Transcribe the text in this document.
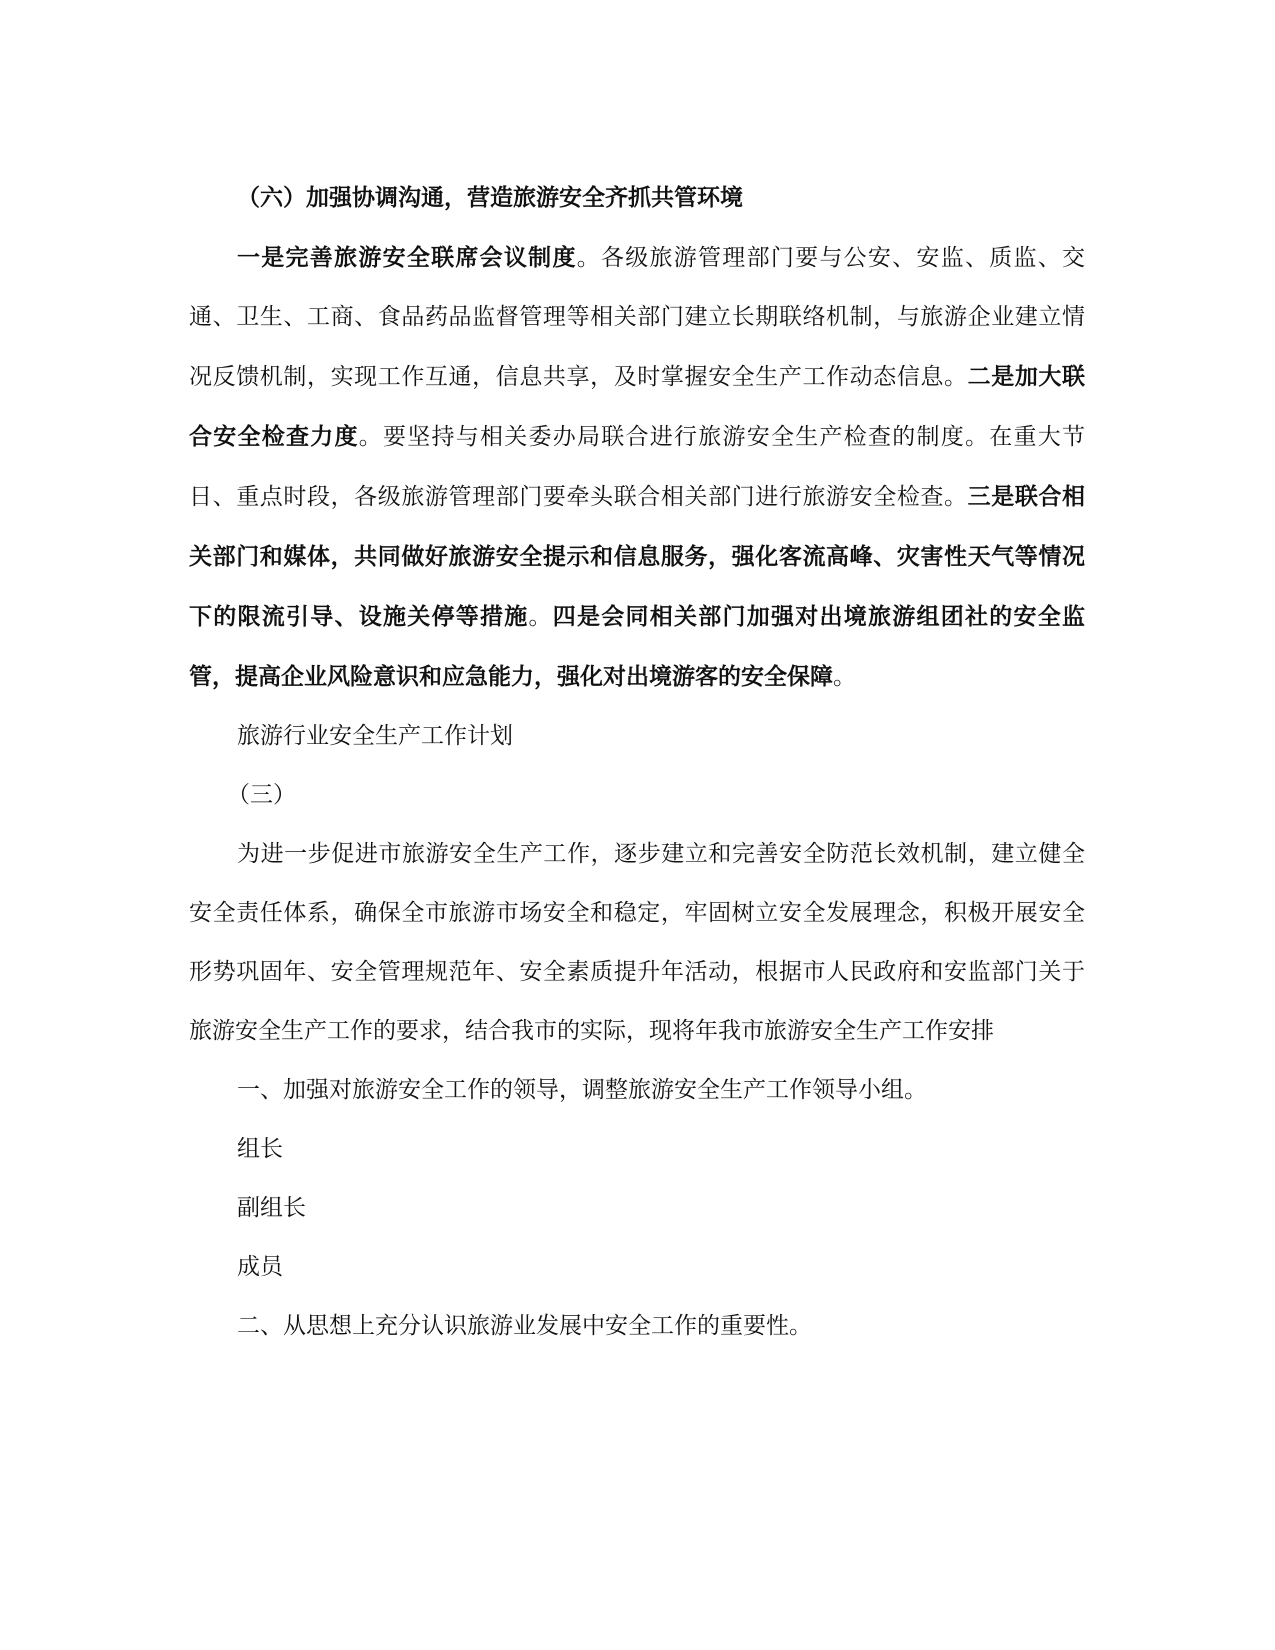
（六）加强协调沟通，营造旅游安全齐抓共管环境

一是完善旅游安全联席会议制度。各级旅游管理部门要与公安、安监、质监、交通、卫生、工商、食品药品监督管理等相关部门建立长期联络机制，与旅游企业建立情况反馈机制，实现工作互通，信息共享，及时掌握安全生产工作动态信息。二是加大联合安全检查力度。要坚持与相关委办局联合进行旅游安全生产检查的制度。在重大节日、重点时段，各级旅游管理部门要牵头联合相关部门进行旅游安全检查。三是联合相关部门和媒体，共同做好旅游安全提示和信息服务，强化客流高峰、灾害性天气等情况下的限流引导、设施关停等措施。四是会同相关部门加强对出境旅游组团社的安全监管，提高企业风险意识和应急能力，强化对出境游客的安全保障。

旅游行业安全生产工作计划

（三）

为进一步促进市旅游安全生产工作，逐步建立和完善安全防范长效机制，建立健全安全责任体系，确保全市旅游市场安全和稳定，牢固树立安全发展理念，积极开展安全形势巩固年、安全管理规范年、安全素质提升年活动，根据市人民政府和安监部门关于旅游安全生产工作的要求，结合我市的实际，现将年我市旅游安全生产工作安排

一、加强对旅游安全工作的领导，调整旅游安全生产工作领导小组。

组长

副组长

成员

二、从思想上充分认识旅游业发展中安全工作的重要性。
